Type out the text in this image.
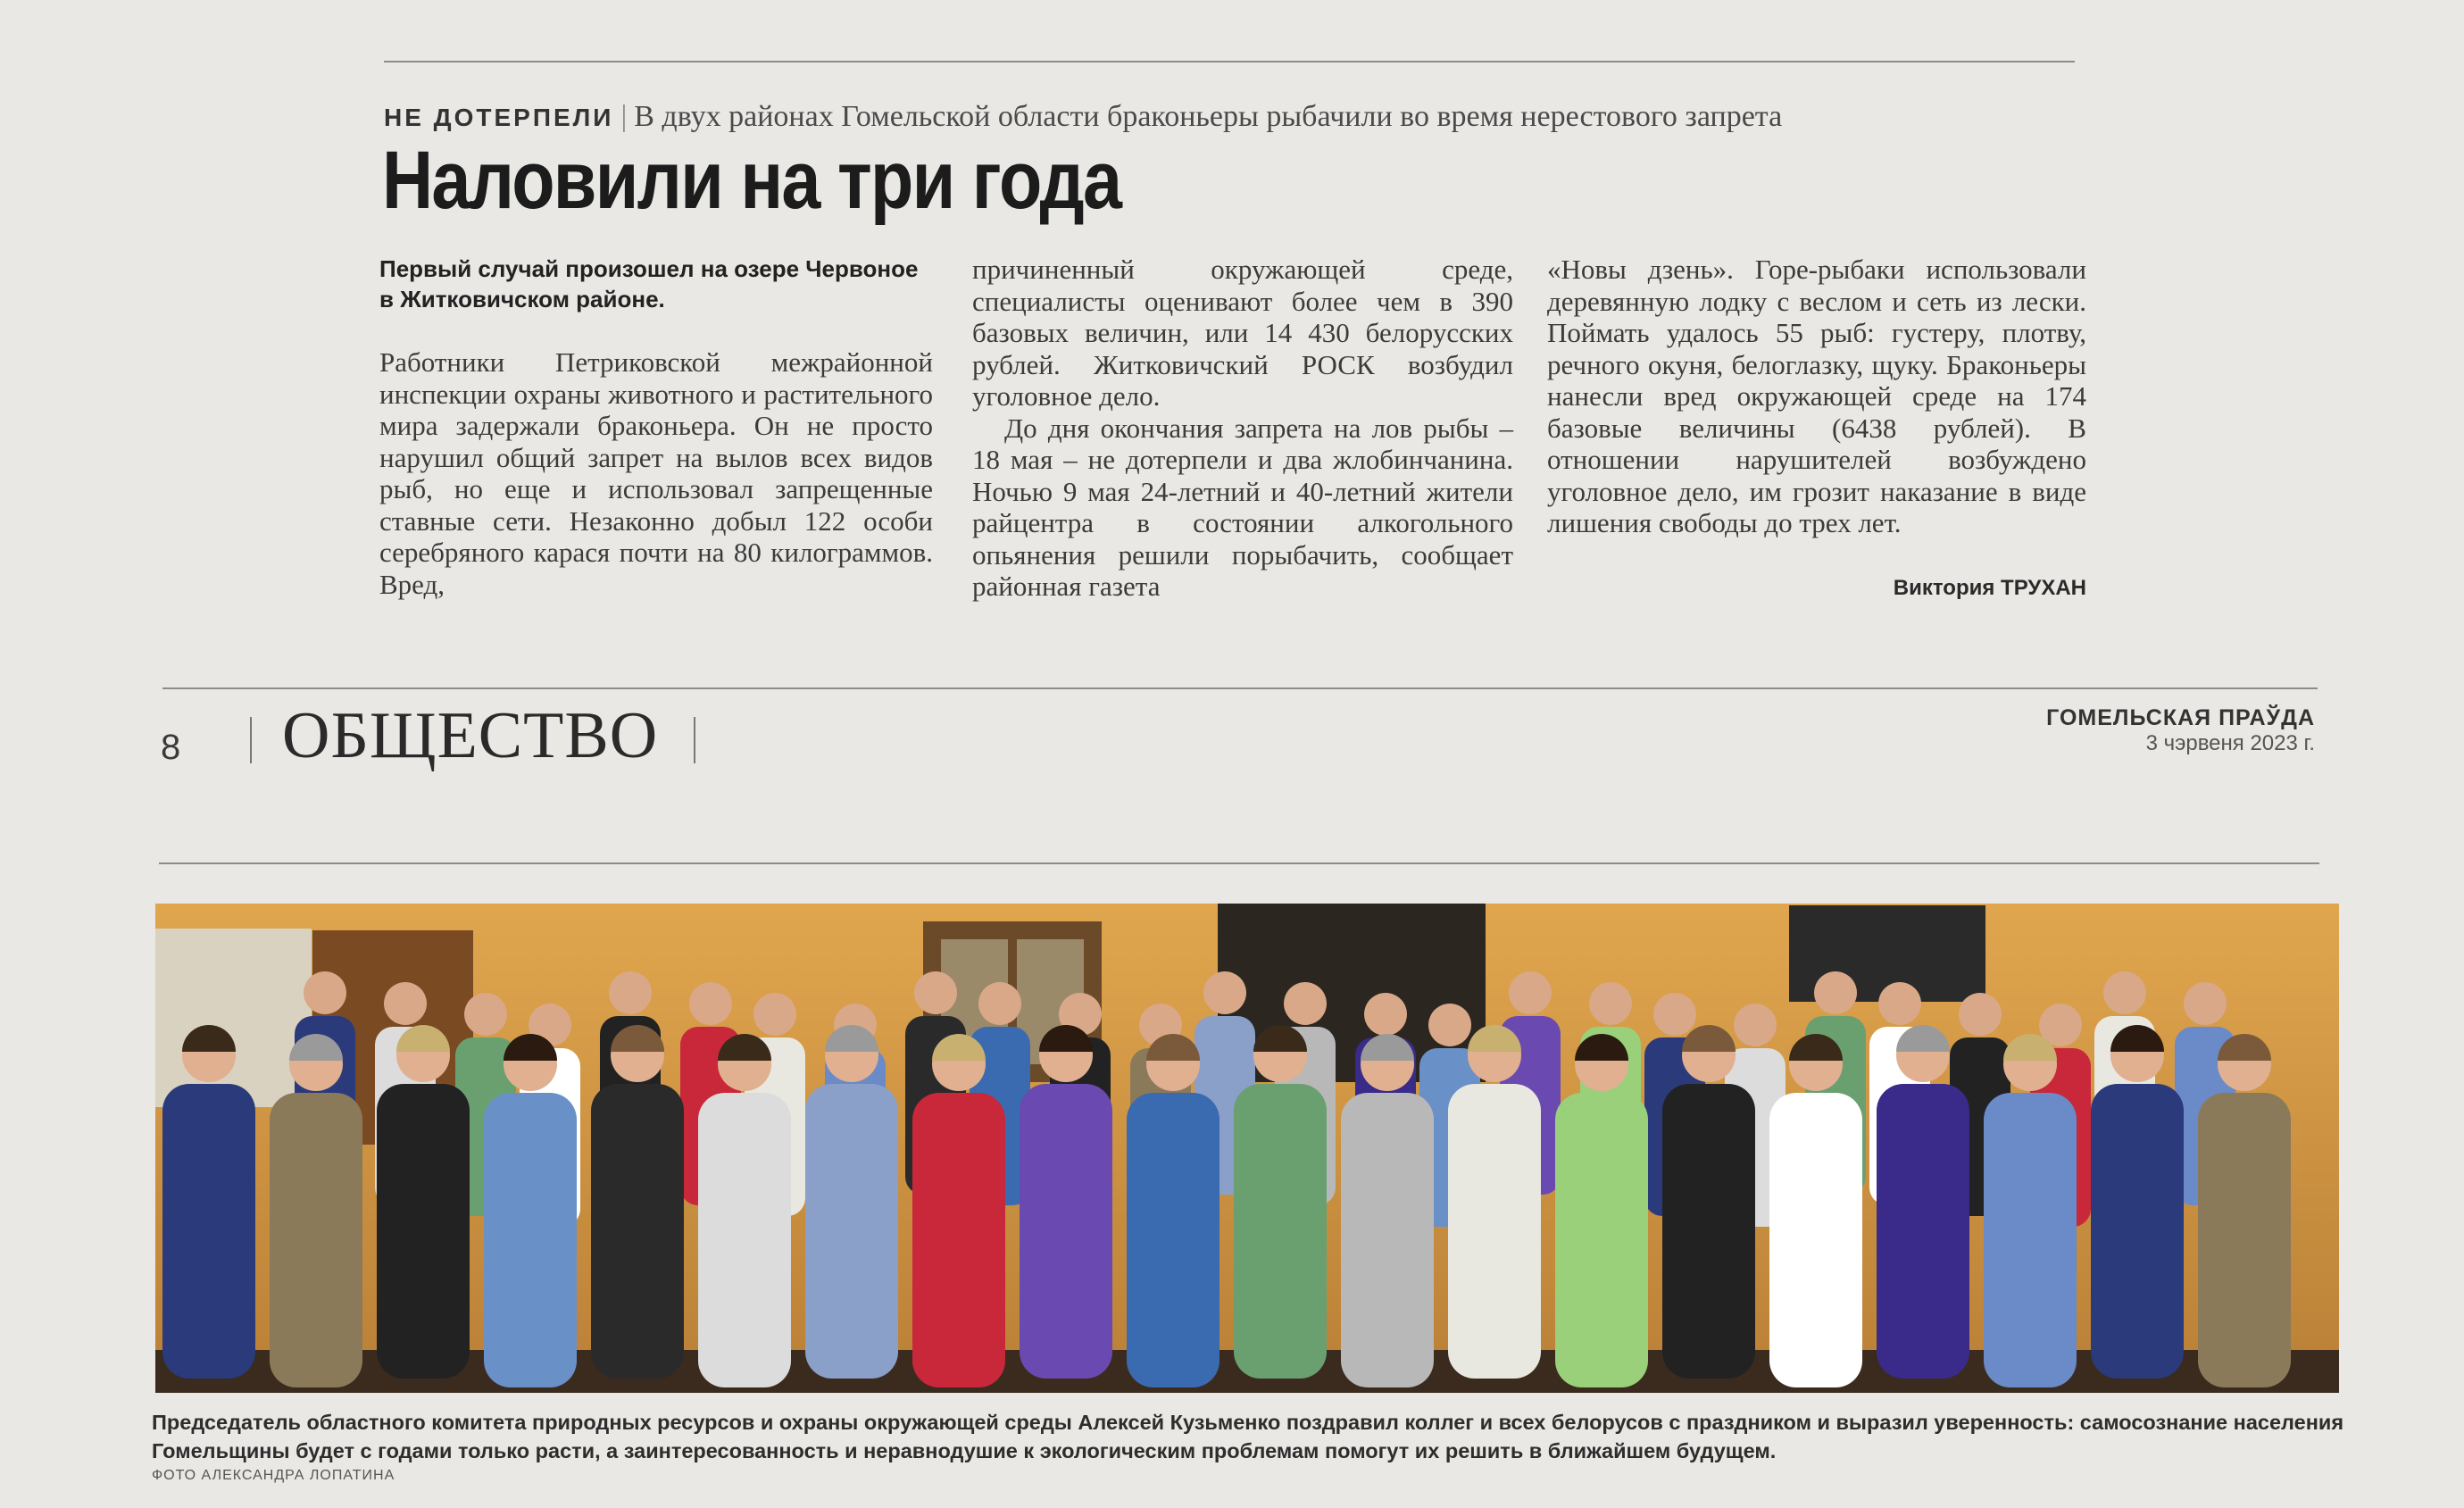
НЕ ДОТЕРПЕЛИ | В двух районах Гомельской области браконьеры рыбачили во время нерестового запрета
Наловили на три года

Первый случай произошел на озере Червоное в Житковичском районе.

Работники Петриковской межрайонной инспекции охраны животного и растительного мира задержали браконьера. Он не просто нарушил общий запрет на вылов всех видов рыб, но еще и использовал запрещенные ставные сети. Незаконно добыл 122 особи серебряного карася почти на 80 килограммов. Вред,

причиненный окружающей среде, специалисты оценивают более чем в 390 базовых величин, или 14 430 белорусских рублей. Житковичский РОСК возбудил уголовное дело.

До дня окончания запрета на лов рыбы – 18 мая – не дотерпели и два жлобинчанина. Ночью 9 мая 24-летний и 40-летний жители райцентра в состоянии алкогольного опьянения решили порыбачить, сообщает районная газета

«Новы дзень». Горе-рыбаки использовали деревянную лодку с веслом и сеть из лески. Поймать удалось 55 рыб: густеру, плотву, речного окуня, белоглазку, щуку. Браконьеры нанесли вред окружающей среде на 174 базовые величины (6438 рублей). В отношении нарушителей возбуждено уголовное дело, им грозит наказание в виде лишения свободы до трех лет.

Виктория ТРУХАН
8 ОБЩЕСТВО	ГОМЕЛЬСКАЯ ПРАЎДА
3 чэрвеня 2023 г.
Председатель областного комитета природных ресурсов и охраны окружающей среды Алексей Кузьменко поздравил коллег и всех белорусов с праздником и выразил уверенность: самосознание населения Гомельщины будет с годами только расти, а заинтересованность и неравнодушие к экологическим проблемам помогут их решить в ближайшем будущем.
ФОТО АЛЕКСАНДРА ЛОПАТИНА
